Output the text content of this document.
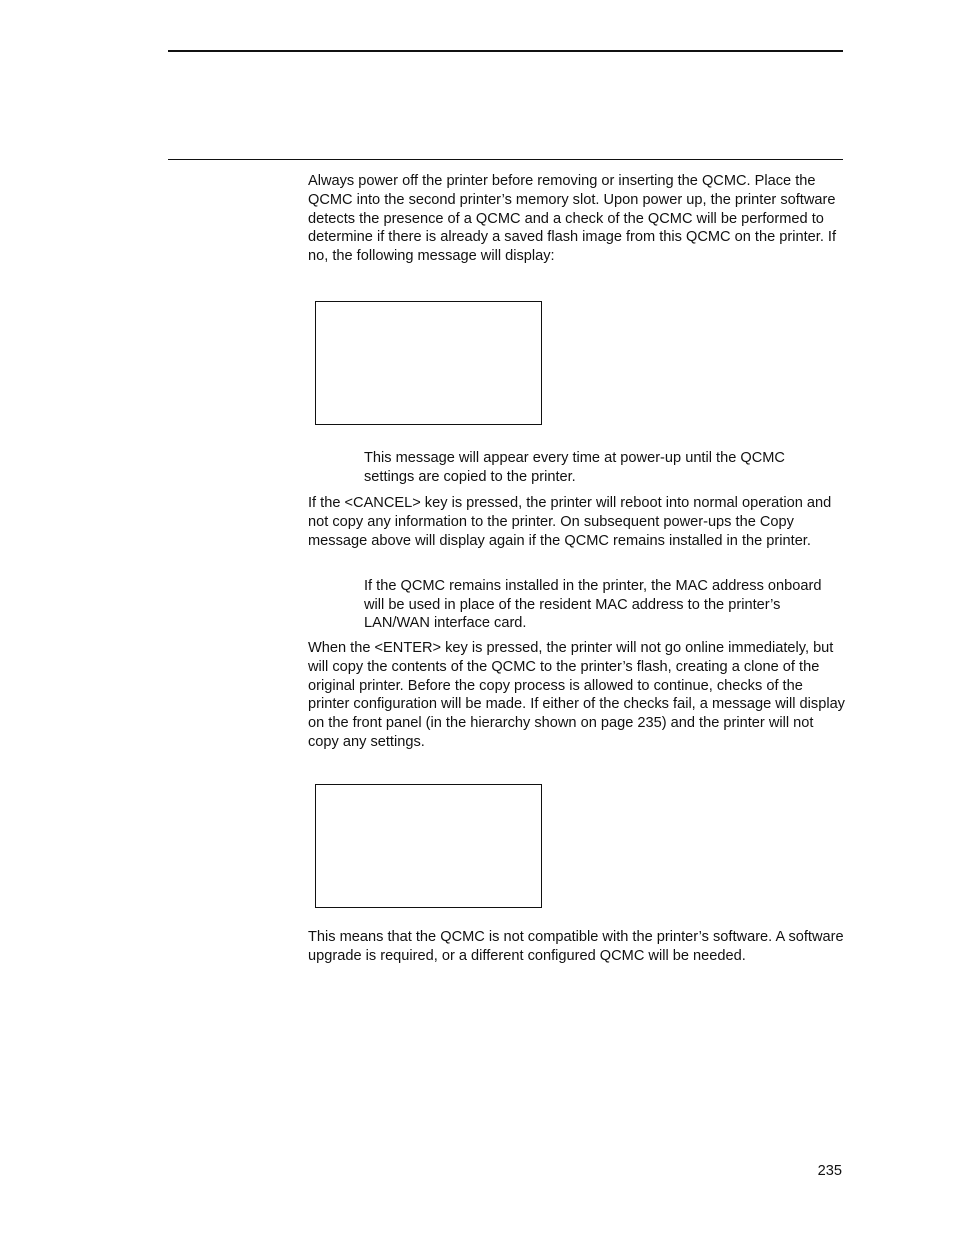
Always power off the printer before removing or inserting the QCMC. Place the QCMC into the second printer’s memory slot. Upon power up, the printer software detects the presence of a QCMC and a check of the QCMC will be performed to determine if there is already a saved flash image from this QCMC on the printer. If no, the following message will display:

This message will appear every time at power-up until the QCMC settings are copied to the printer.

If the <CANCEL> key is pressed, the printer will reboot into normal operation and not copy any information to the printer. On subsequent power-ups the Copy message above will display again if the QCMC remains installed in the printer.

If the QCMC remains installed in the printer, the MAC address onboard will be used in place of the resident MAC address to the printer’s LAN/WAN interface card.

When the <ENTER> key is pressed, the printer will not go online immediately, but will copy the contents of the QCMC to the printer’s flash, creating a clone of the original printer. Before the copy process is allowed to continue, checks of the printer configuration will be made. If either of the checks fail, a message will display on the front panel (in the hierarchy shown on page 235) and the printer will not copy any settings.

This means that the QCMC is not compatible with the printer’s software. A software upgrade is required, or a different configured QCMC will be needed.

235
